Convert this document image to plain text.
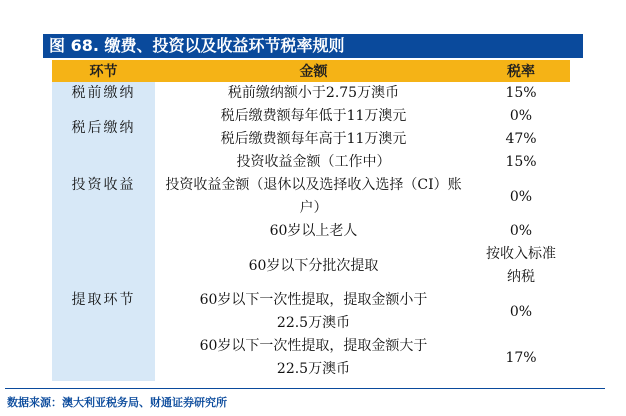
图 68. 缴费、投资以及收益环节税率规则
环节	金额	税率
税前缴纳	税前缴纳额小于2.75万澳币	15%
税后缴纳	税后缴费额每年低于11万澳元	0%
	税后缴费额每年高于11万澳元	47%
投资收益	投资收益金额（工作中）	15%
	投资收益金额（退休以及选择收入选择（CI）账户）	0%
提取环节	60岁以上老人	0%
	60岁以下分批次提取	按收入标准纳税
	60岁以下一次性提取，提取金额小于22.5万澳币	0%
	60岁以下一次性提取，提取金额大于22.5万澳币	17%
数据来源：澳大利亚税务局、财通证券研究所
